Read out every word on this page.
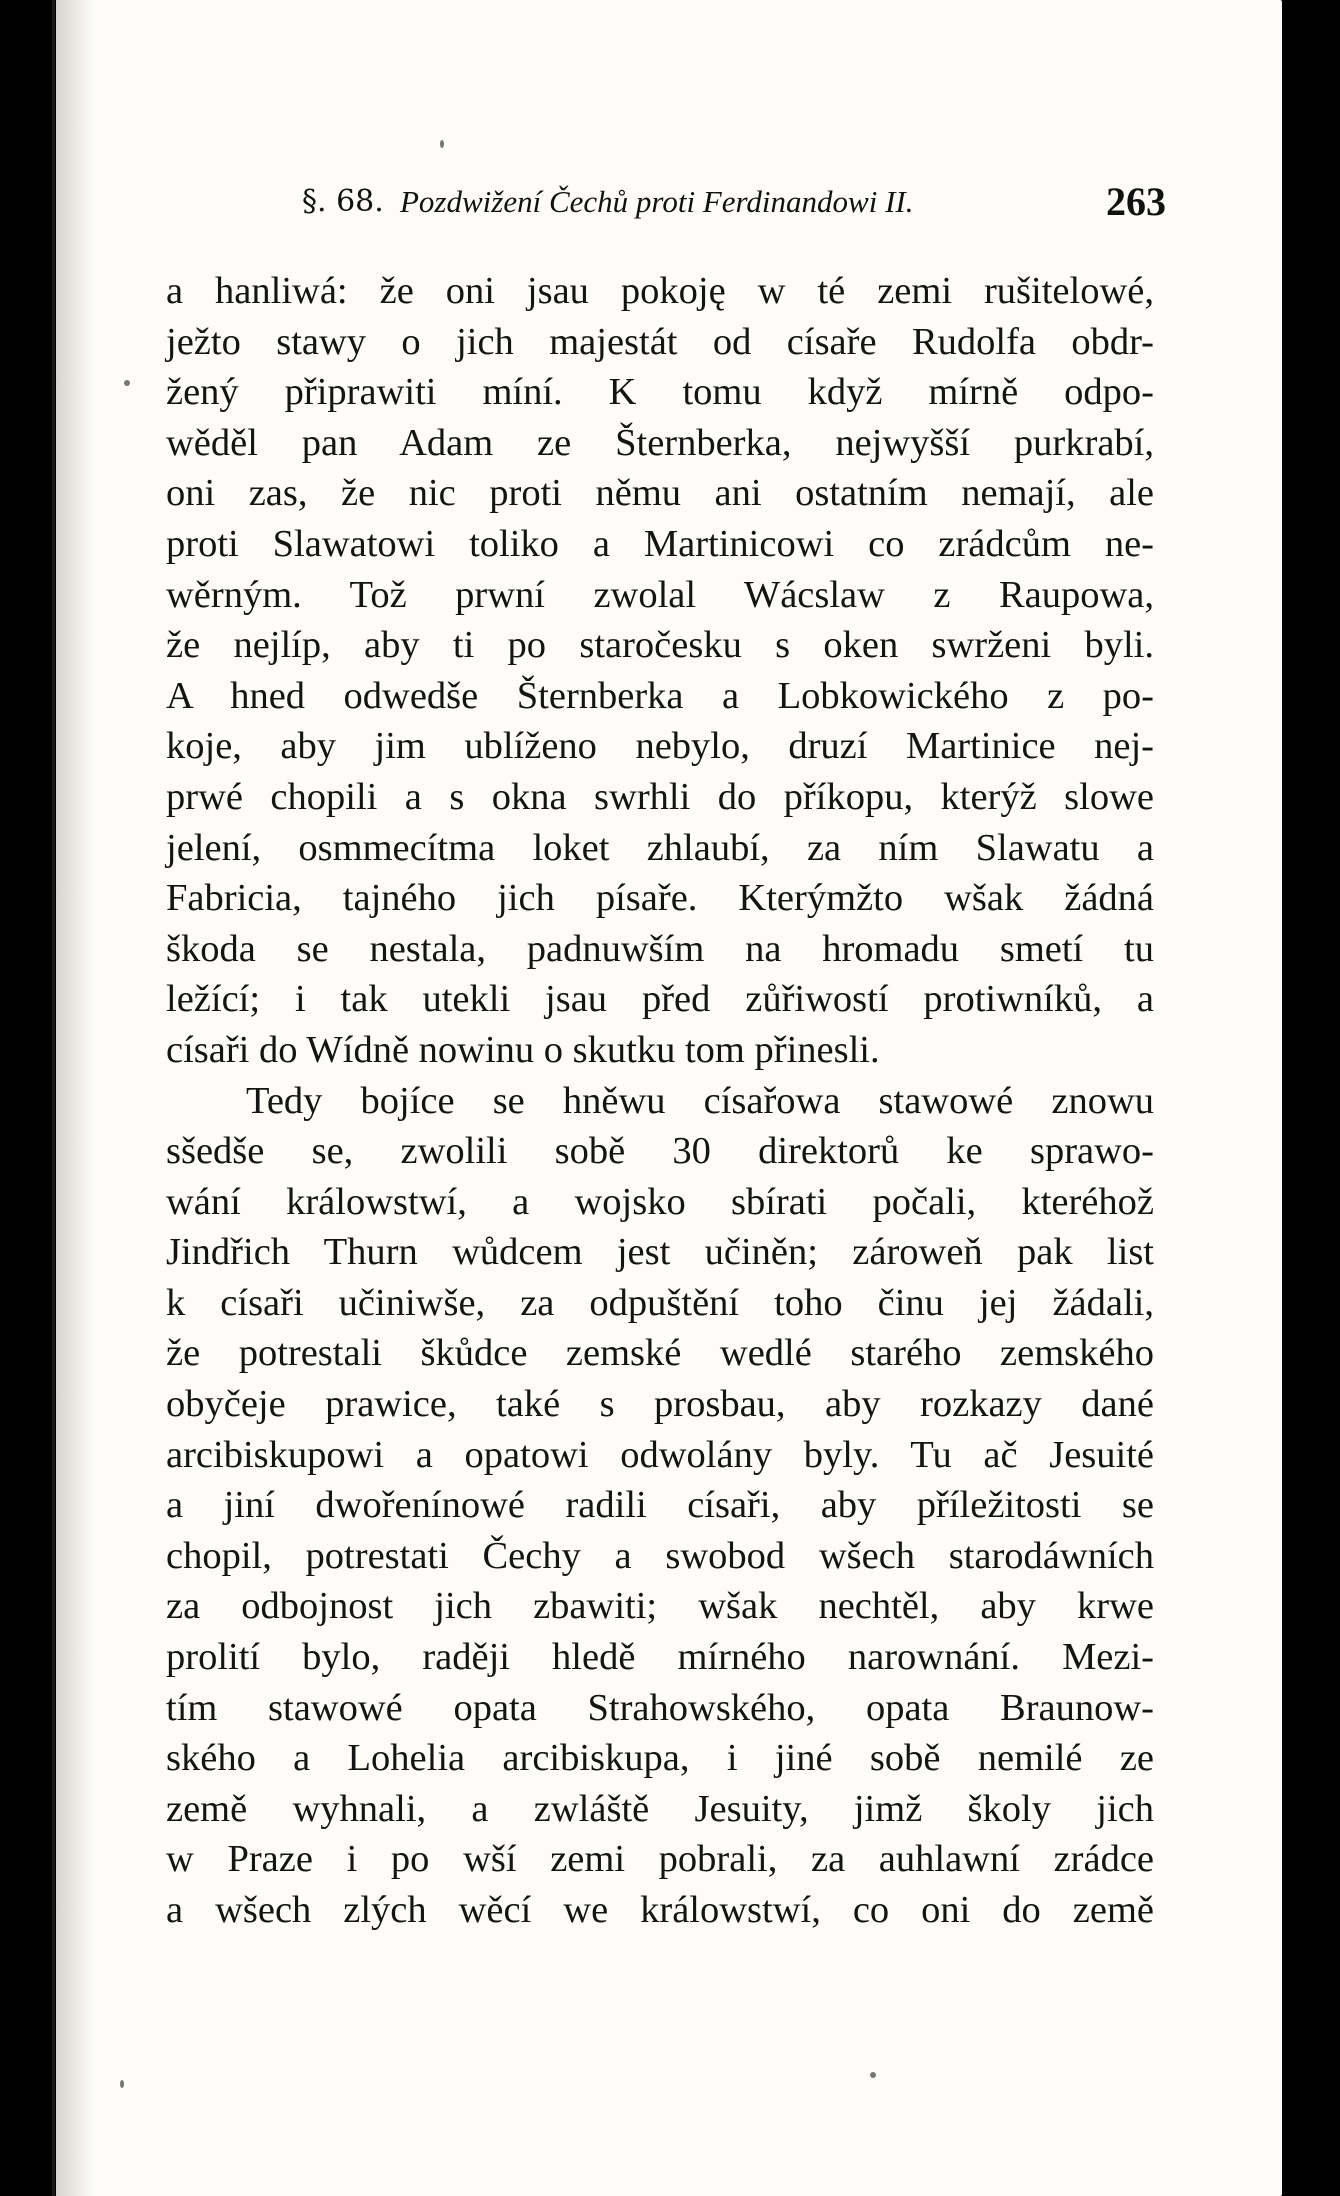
§. 68. Pozdwižení Čechů proti Ferdinandowi II.	263
a hanliwá: že oni jsau pokoję w té zemi rušitelowé,
ježto stawy o jich majestát od císaře Rudolfa obdr-
žený připrawiti míní. K tomu když mírně odpo-
wěděl pan Adam ze Šternberka, nejwyšší purkrabí,
oni zas, že nic proti němu ani ostatním nemají, ale
proti Slawatowi toliko a Martinicowi co zrádcům ne-
wěrným. Tož prwní zwolal Wácslaw z Raupowa,
že nejlíp, aby ti po staročesku s oken swrženi byli.
A hned odwedše Šternberka a Lobkowického z po-
koje, aby jim ublíženo nebylo, druzí Martinice nej-
prwé chopili a s okna swrhli do příkopu, kterýž slowe
jelení, osmmecítma loket zhlaubí, za ním Slawatu a
Fabricia, tajného jich písaře. Kterýmžto wšak žádná
škoda se nestala, padnuwším na hromadu smetí tu
ležící; i tak utekli jsau před zůřiwostí protiwníků, a
císaři do Wídně nowinu o skutku tom přinesli.
Tedy bojíce se hněwu císařowa stawowé znowu
sšedše se, zwolili sobě 30 direktorů ke sprawo-
wání králowstwí, a wojsko sbírati počali, kteréhož
Jindřich Thurn wůdcem jest učiněn; zároweň pak list
k císaři učiniwše, za odpuštění toho činu jej žádali,
že potrestali škůdce zemské wedlé starého zemského
obyčeje prawice, také s prosbau, aby rozkazy dané
arcibiskupowi a opatowi odwolány byly. Tu ač Jesuité
a jiní dwořenínowé radili císaři, aby příležitosti se
chopil, potrestati Čechy a swobod wšech starodáwních
za odbojnost jich zbawiti; wšak nechtěl, aby krwe
prolití bylo, raději hledě mírného narownání. Mezi-
tím stawowé opata Strahowského, opata Braunow-
ského a Lohelia arcibiskupa, i jiné sobě nemilé ze
země wyhnali, a zwláště Jesuity, jimž školy jich
w Praze i po wší zemi pobrali, za auhlawní zrádce
a wšech zlých wěcí we králowstwí, co oni do země
